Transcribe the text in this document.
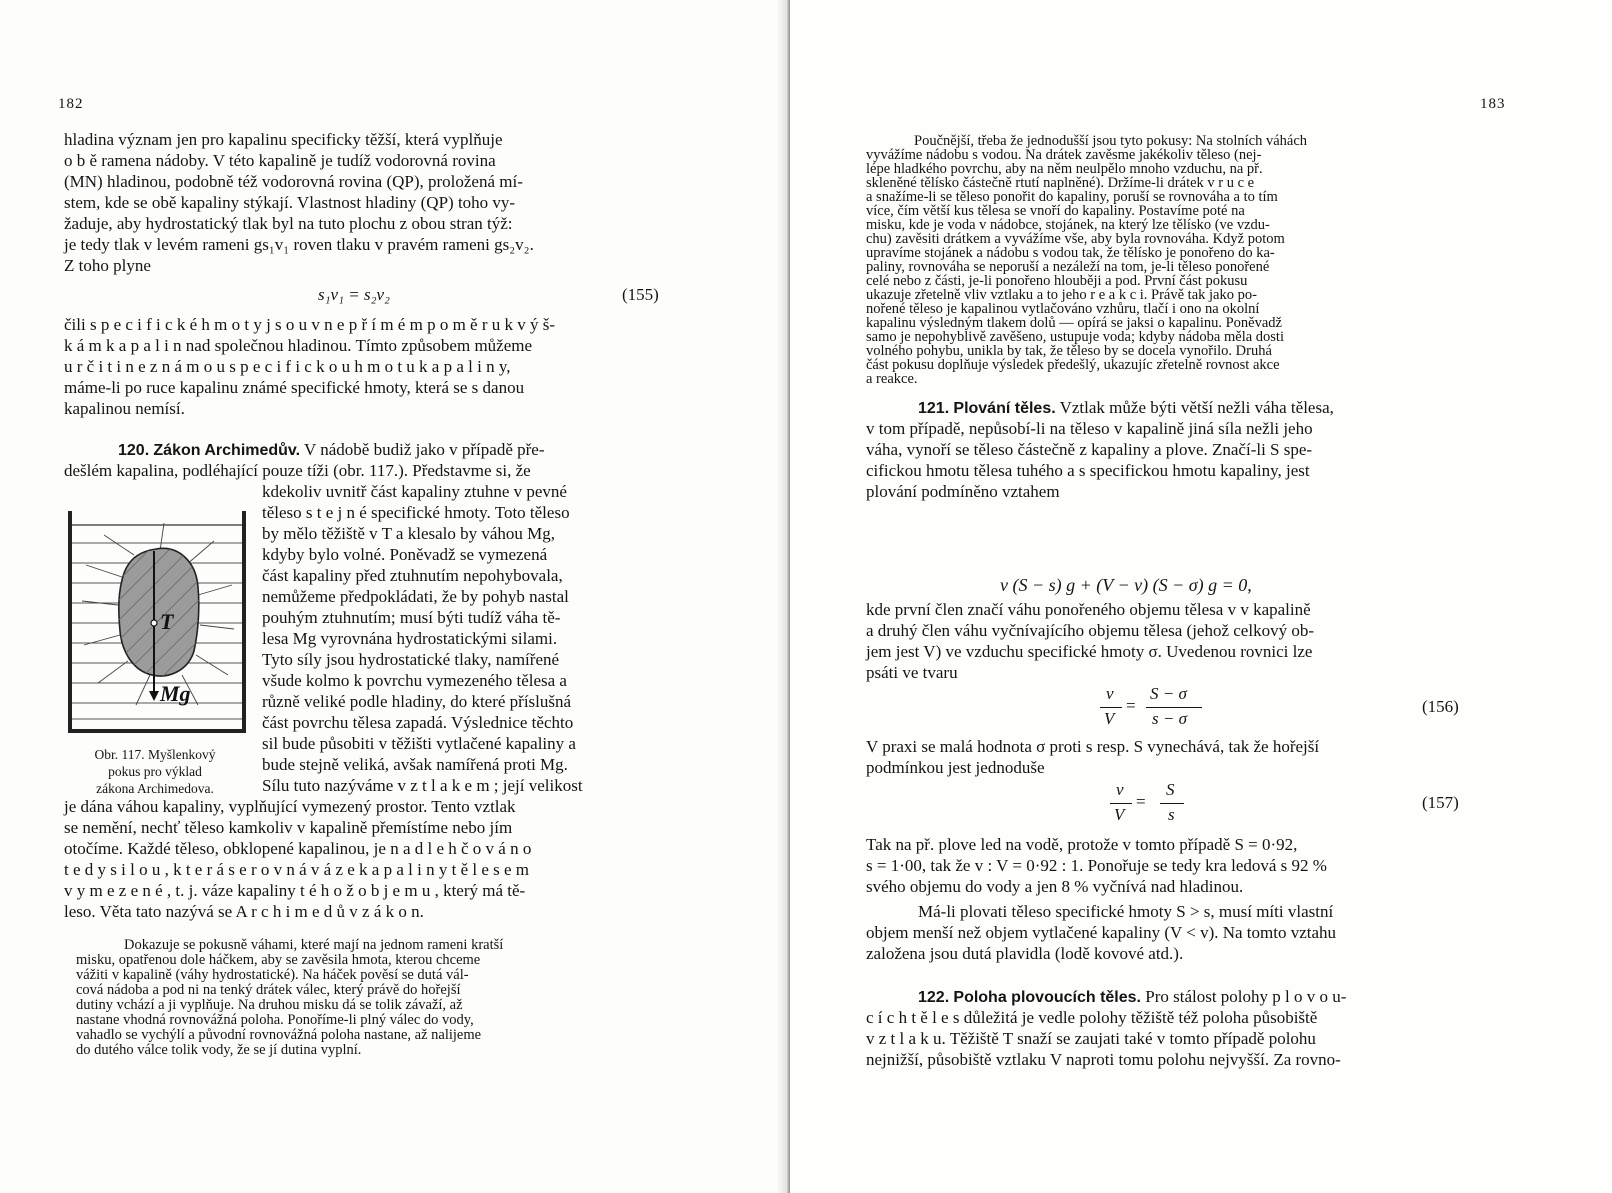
182
hladina význam jen pro kapalinu specificky těžší, která vyplňuje
o b ě ramena nádoby. V této kapalině je tudíž vodorovná rovina
(MN) hladinou, podobně též vodorovná rovina (QP), proložená mí-
stem, kde se obě kapaliny stýkají. Vlastnost hladiny (QP) toho vy-
žaduje, aby hydrostatický tlak byl na tuto plochu z obou stran týž:
je tedy tlak v levém rameni gs₁v₁ roven tlaku v pravém rameni gs₂v₂.
Z toho plyne
s₁v₁ = s₂v₂	(155)
čili s p e c i f i c k é h m o t y j s o u v n e p ř í m é m p o m ě r u k v ý š-
k á m k a p a l i n nad společnou hladinou. Tímto způsobem můžeme
u r č i t i n e z n á m o u s p e c i f i c k o u h m o t u k a p a l i n y,
máme-li po ruce kapalinu známé specifické hmoty, která se s danou
kapalinou nemísí.
120. Zákon Archimedův. V nádobě budiž jako v případě pře-
dešlém kapalina, podléhající pouze tíži (obr. 117.). Představme si, že
kdekoliv uvnitř část kapaliny ztuhne v pevné
těleso s t e j n é specifické hmoty. Toto těleso
by mělo těžiště v T a klesalo by váhou Mg,
kdyby bylo volné. Poněvadž se vymezená
část kapaliny před ztuhnutím nepohybovala,
nemůžeme předpokládati, že by pohyb nastal
pouhým ztuhnutím; musí býti tudíž váha tě-
lesa Mg vyrovnána hydrostatickými silami.
Tyto síly jsou hydrostatické tlaky, namířené
všude kolmo k povrchu vymezeného tělesa a
různě veliké podle hladiny, do které příslušná
část povrchu tělesa zapadá. Výslednice těchto
sil bude působiti v těžišti vytlačené kapaliny a
bude stejně veliká, avšak namířená proti Mg.
Sílu tuto nazýváme v z t l a k e m ; její velikost
T
Mg
Obr. 117. Myšlenkový
pokus pro výklad
zákona Archimedova.
je dána váhou kapaliny, vyplňující vymezený prostor. Tento vztlak
se nemění, nechť těleso kamkoliv v kapalině přemístíme nebo jím
otočíme. Každé těleso, obklopené kapalinou, je n a d l e h č o v á n o
t e d y s i l o u , k t e r á s e r o v n á v á z e k a p a l i n y t ě l e s e m
v y m e z e n é , t. j. váze kapaliny t é h o ž o b j e m u , který má tě-
leso. Věta tato nazývá se A r c h i m e d ů v z á k o n.
Dokazuje se pokusně váhami, které mají na jednom rameni kratší
misku, opatřenou dole háčkem, aby se zavěsila hmota, kterou chceme
vážiti v kapalině (váhy hydrostatické). Na háček pověsí se dutá vál-
cová nádoba a pod ni na tenký drátek válec, který právě do hořejší
dutiny vchází a ji vyplňuje. Na druhou misku dá se tolik závaží, až
nastane vhodná rovnovážná poloha. Ponoříme-li plný válec do vody,
vahadlo se vychýlí a původní rovnovážná poloha nastane, až nalijeme
do dutého válce tolik vody, že se jí dutina vyplní.
183
Poučnější, třeba že jednodušší jsou tyto pokusy: Na stolních váhách
vyvážíme nádobu s vodou. Na drátek zavěsme jakékoliv těleso (nej-
lépe hladkého povrchu, aby na něm neulpělo mnoho vzduchu, na př.
skleněné tělísko částečně rtutí naplněné). Držíme-li drátek v r u c e
a snažíme-li se těleso ponořit do kapaliny, poruší se rovnováha a to tím
více, čím větší kus tělesa se vnoří do kapaliny. Postavíme poté na
misku, kde je voda v nádobce, stojánek, na který lze tělísko (ve vzdu-
chu) zavěsiti drátkem a vyvážíme vše, aby byla rovnováha. Když potom
upravíme stojánek a nádobu s vodou tak, že tělísko je ponořeno do ka-
paliny, rovnováha se neporuší a nezáleží na tom, je-li těleso ponořené
celé nebo z části, je-li ponořeno hlouběji a pod. První část pokusu
ukazuje zřetelně vliv vztlaku a to jeho r e a k c i. Právě tak jako po-
nořené těleso je kapalinou vytlačováno vzhůru, tlačí i ono na okolní
kapalinu výsledným tlakem dolů — opírá se jaksi o kapalinu. Poněvadž
samo je nepohyblivě zavěšeno, ustupuje voda; kdyby nádoba měla dosti
volného pohybu, unikla by tak, že těleso by se docela vynořilo. Druhá
část pokusu doplňuje výsledek předešlý, ukazujíc zřetelně rovnost akce
a reakce.
121. Plování těles. Vztlak může býti větší nežli váha tělesa,
v tom případě, nepůsobí-li na těleso v kapalině jiná síla nežli jeho
váha, vynoří se těleso částečně z kapaliny a plove. Značí-li S spe-
cifickou hmotu tělesa tuhého a s specifickou hmotu kapaliny, jest
plování podmíněno vztahem
v (S − s) g + (V − v) (S − σ) g = 0,
kde první člen značí váhu ponořeného objemu tělesa v v kapalině
a druhý člen váhu vyčnívajícího objemu tělesa (jehož celkový ob-
jem jest V) ve vzduchu specifické hmoty σ. Uvedenou rovnici lze
psáti ve tvaru
v
V
=
S − σ
s − σ
(156)
V praxi se malá hodnota σ proti s resp. S vynechává, tak že hořejší
podmínkou jest jednoduše
v
V
=
S
s
(157)
Tak na př. plove led na vodě, protože v tomto případě S = 0·92,
s = 1·00, tak že v : V = 0·92 : 1. Ponořuje se tedy kra ledová s 92 %
svého objemu do vody a jen 8 % vyčnívá nad hladinou.
Má-li plovati těleso specifické hmoty S > s, musí míti vlastní
objem menší než objem vytlačené kapaliny (V < v). Na tomto vztahu
založena jsou dutá plavidla (lodě kovové atd.).
122. Poloha plovoucích těles. Pro stálost polohy p l o v o u-
c í c h t ě l e s důležitá je vedle polohy těžiště též poloha působiště
v z t l a k u. Těžiště T snaží se zaujati také v tomto případě polohu
nejnižší, působiště vztlaku V naproti tomu polohu nejvyšší. Za rovno-
